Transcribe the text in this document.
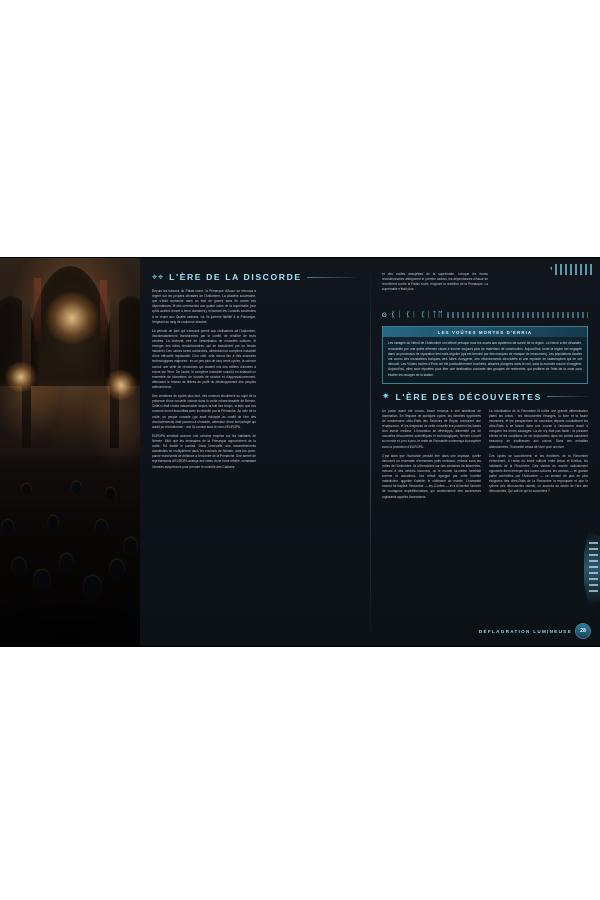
⌖⌖ L'ÈRE DE LA DISCORDE

Depuis les balcons du Palais ivoire, la Primarque d'Assur se retrouva à régner sur les peuples dévastés de l'Antiombre. La citadelle souveraine, que s'était construite dans un état de guerre sans fin contre ses dépendances, fit des cérémonies aux quatre coins de la suprématie (non qu'ils avaient donné à leurs domaines), exhortant les Conseils souverains à se réunir aux Quatre cadrans. Là, ils jurèrent fidélité à la Primarque, l'érigeant au rang de couronne absolue.

La période de paix qui s'ensuivit permit aux civilisations de l'Antiombre, incontestablement transformées par le conflit, de renaître de leurs cendres. La diversité, née de l'assimilation de nouvelles cultures, fit émerger des idées révolutionnaires, qui se traduisirent par un besoin industriel. Des usines furent construites, alimentant un complexe industriel d'une efficacité implacable. D'un côté, cela donna lieu à des avancées technologiques majeures : en un peu plus de cinq cents cycles, la science connut une série de révolutions qui avaient mis des milliers d'années à éclore sur Terre. De l'autre, le complexe industriel roulait-il en éclairant un ensemble de kilomètres de tunnels de service et d'approvisionnement, détruisant le réseau de filières au profit du développement des peuples antinombreux.

Des centaines de cycles plus tard, des rumeurs circulèrent au sujet de la présence d'une nouvelle colonie dans la voûte infranchissable de Némée. Celle-ci était restée inaccessible depuis la nuit des temps, si bien que ces rumeurs furent accueillies avec incrédulité par la Primarche. Au sein de la voûte, un peuple nomade (qui avait échappé au conflit de l'ère des chuchotements) était parvenu à s'installer, détenteur d'une technologie qui aurait pu révolutionner : une IA connue sous le nom d'EUROPA.

EUROPA semblait avancer une certaine emprise sur les habitants de Némée. Sitôt que les émissaires de la Primarque approchèrent de la voûte, l'IA établit le contact. Dans l'intervalle, des rassemblements clandestins se multiplièrent dans les environs de Némée, dont les porte-parole marchands de défiance à l'encontre de la Primarche. Une armée de représentants d'EUROPA avança aux côtés d'une force rebelle, constatant l'armées assyriennes pour prendre le contrôle des Cadrans.

et des voûtes assujetties de la suprématie. Lorsque les forces révolutionnaires atteignirent le premier cadran, les dépendances d'Assur se révoltèrent contre le Palais ivoire, exigeant la reddition de la Primarque. La suprématie n'était plus.

𐍈 ᛕᛁ ᛕᛁ ᛕᛁᛏᛖ
LES VOÛTES MORTES D'ERRIA

Les ravages du Néroil de l'Antiombre ont détruit presque tous les accès aux systèmes de survie de la région. La Néroil a été dévastée, remodelée par une quête effrénée visant à trouver toujours plus de matériaux de construction. Aujourd'hui, toute la région est engagée dans un processus de réparation lent mais régulier (qui est terminé par des marques de manque de ressources). Les populations locales ont connu des inondations toxiques, des fuites d'oxygène, des effondrements structurels et une myriade de catastrophes qui en ont découlé. Les Voûtes mortes d'Erria ont été particulièrement touchées, laissées plongées dans le noir, sans la moindre source d'oxygène. Aujourd'hui, elles sont réputées pour être une destination courante des groupes de recherche, qui profitent de l'état de la zone pour étudier les ravages de la station.

✷ L'ÈRE DES DÉCOUVERTES

Un pacte avant été conclu, Assur renonça à ses ambitions de domination. En l'espace de quelques cycles, les identités opprimées de nombreuses cités-États des Secteurs de Reyau connurent une renaissance, et les dirigeants de cette nouvelle ère posèrent les bases d'un avenir meilleur. L'innovation se développa, alimentée par de nouvelles découvertes scientifiques et technologiques. Némée s'ouvrit au monde et, peu à peu, le reste de l'humanité commença à prospérer sous la protection d'EUROPA.

C'est alors que l'humanité pensait être dans une impasse, qu'elle découvrit un ensemble d'immenses puits verticaux, enfouis sous les voiles de l'Antiombre. Ils s'étendaient sur des centaines de kilomètres, menant à des centres inconnus, où le monde lui-même tremblait comme et actuations. Nul n'était épargné par cette horrible malédiction, appelée Kalabile, le châtiment du monde. L'humanité mourut fut baptisé Flexombre — les Confins — et s'ôt bientôt l'arrivée de courageux expéditionnaires, qui construisirent des ascenseurs rugissants appelés Ascendants.

La colonisation de la Flexombre fit naître une grande détermination parmi les Arbus : les découvertes étranges, la flore et la faune inconnues, et les perspectives de nouveaux départs conduisirent les cités-États à se lancer dans une course à l'armement visant à conquérir les terres sauvages. La vie n'y était pas facile : la pression élevée et les conditions de vie déplorables dans les voûtes causèrent beaucoup de souffrances aux colons. Dans ces entrailles abandonnées, l'humanité cessa de vivre pour survivre.

Ces cycles se succédèrent, et les frontières de la Flexombre s'étendirent, à l'actar du fossé culturel entre Arkus et Exéllus, les habitants de la Flexombre. Des visions du monde radicalement opposées firent émerger des contre-cultures, les cosmos — en grande partie contrôlées par l'Antiombre — se sentant de plus en plus éloignées des cités-États de la Flexombre la regroupant et que le rythme des découvertes ralentit, on accorda au déclin de l'ère des découvertes. Qui sait ce qui lui succédera ?

DÉFLAGRATION LUMINEUSE	28
